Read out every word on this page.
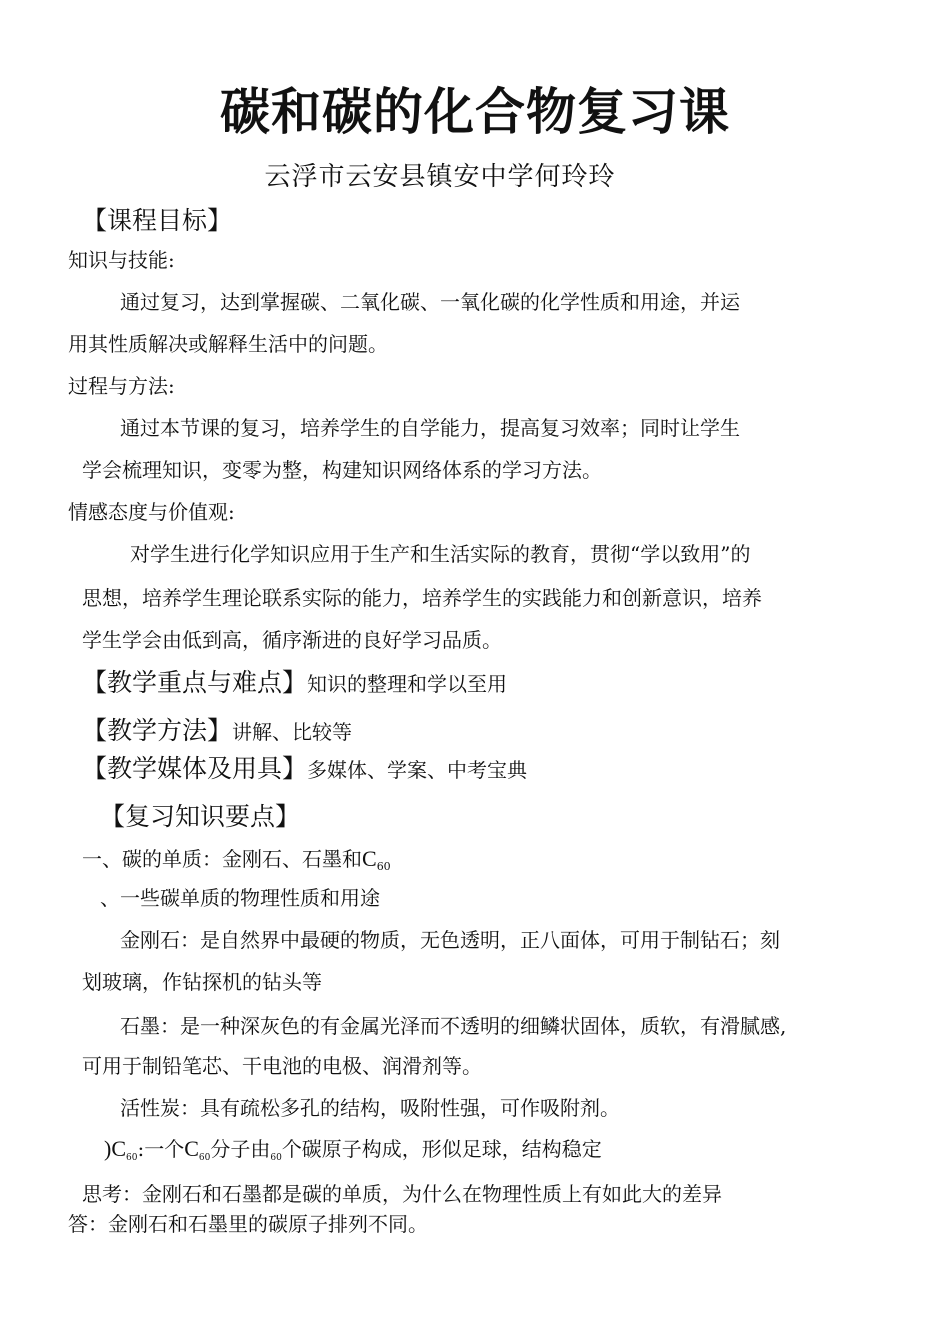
碳和碳的化合物复习课
云浮市云安县镇安中学何玲玲
【课程目标】
知识与技能:
通过复习，达到掌握碳、二氧化碳、一氧化碳的化学性质和用途，并运
用其性质解决或解释生活中的问题。
过程与方法:
通过本节课的复习，培养学生的自学能力，提高复习效率；同时让学生
学会梳理知识，变零为整，构建知识网络体系的学习方法。
情感态度与价值观:
对学生进行化学知识应用于生产和生活实际的教育，贯彻“学以致用”的
思想，培养学生理论联系实际的能力，培养学生的实践能力和创新意识，培养
学生学会由低到高，循序渐进的良好学习品质。
【教学重点与难点】知识的整理和学以至用
【教学方法】讲解、比较等
【教学媒体及用具】多媒体、学案、中考宝典
【复习知识要点】
一、碳的单质：金刚石、石墨和$C_{60}$
、一些碳单质的物理性质和用途
金刚石：是自然界中最硬的物质，无色透明，正八面体，可用于制钻石；刻
划玻璃，作钻探机的钻头等
石墨：是一种深灰色的有金属光泽而不透明的细鳞状固体，质软，有滑腻感,
可用于制铅笔芯、干电池的电极、润滑剂等。
活性炭：具有疏松多孔的结构，吸附性强，可作吸附剂。
)$C_{60}$:一个$C_{60}$分子由$_{60}$个碳原子构成，形似足球，结构稳定
思考：金刚石和石墨都是碳的单质，为什么在物理性质上有如此大的差异
答：金刚石和石墨里的碳原子排列不同。
